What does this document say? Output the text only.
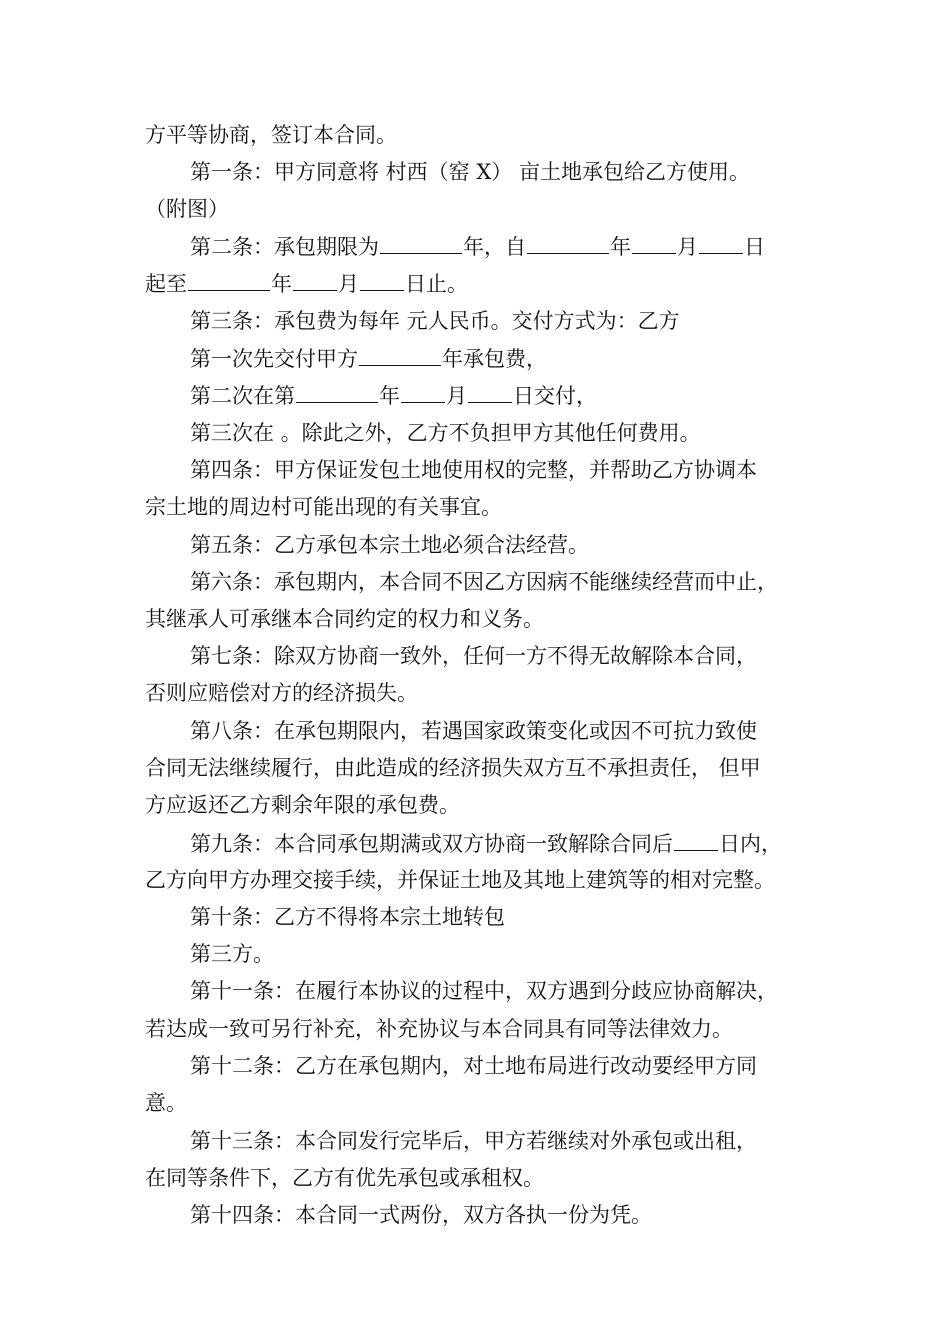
方平等协商，签订本合同。
第一条：甲方同意将 村西（窑 X） 亩土地承包给乙方使用。
（附图）
第二条：承包期限为	年，自	年 月 日
起至	年 月 日止。
第三条：承包费为每年 元人民币。交付方式为：乙方
第一次先交付甲方	年承包费，
第二次在第	年 月 日交付，
第三次在 。除此之外，乙方不负担甲方其他任何费用。
第四条：甲方保证发包土地使用权的完整，并帮助乙方协调本
宗土地的周边村可能出现的有关事宜。
第五条：乙方承包本宗土地必须合法经营。
第六条：承包期内，本合同不因乙方因病不能继续经营而中止，
其继承人可承继本合同约定的权力和义务。
第七条：除双方协商一致外，任何一方不得无故解除本合同，
否则应赔偿对方的经济损失。
第八条：在承包期限内，若遇国家政策变化或因不可抗力致使
合同无法继续履行，由此造成的经济损失双方互不承担责任， 但甲
方应返还乙方剩余年限的承包费。
第九条：本合同承包期满或双方协商一致解除合同后 日内，
乙方向甲方办理交接手续，并保证土地及其地上建筑等的相对完整。
第十条：乙方不得将本宗土地转包
第三方。
第十一条：在履行本协议的过程中，双方遇到分歧应协商解决，
若达成一致可另行补充，补充协议与本合同具有同等法律效力。
第十二条：乙方在承包期内，对土地布局进行改动要经甲方同
意。
第十三条：本合同发行完毕后，甲方若继续对外承包或出租，
在同等条件下，乙方有优先承包或承租权。
第十四条：本合同一式两份，双方各执一份为凭。
